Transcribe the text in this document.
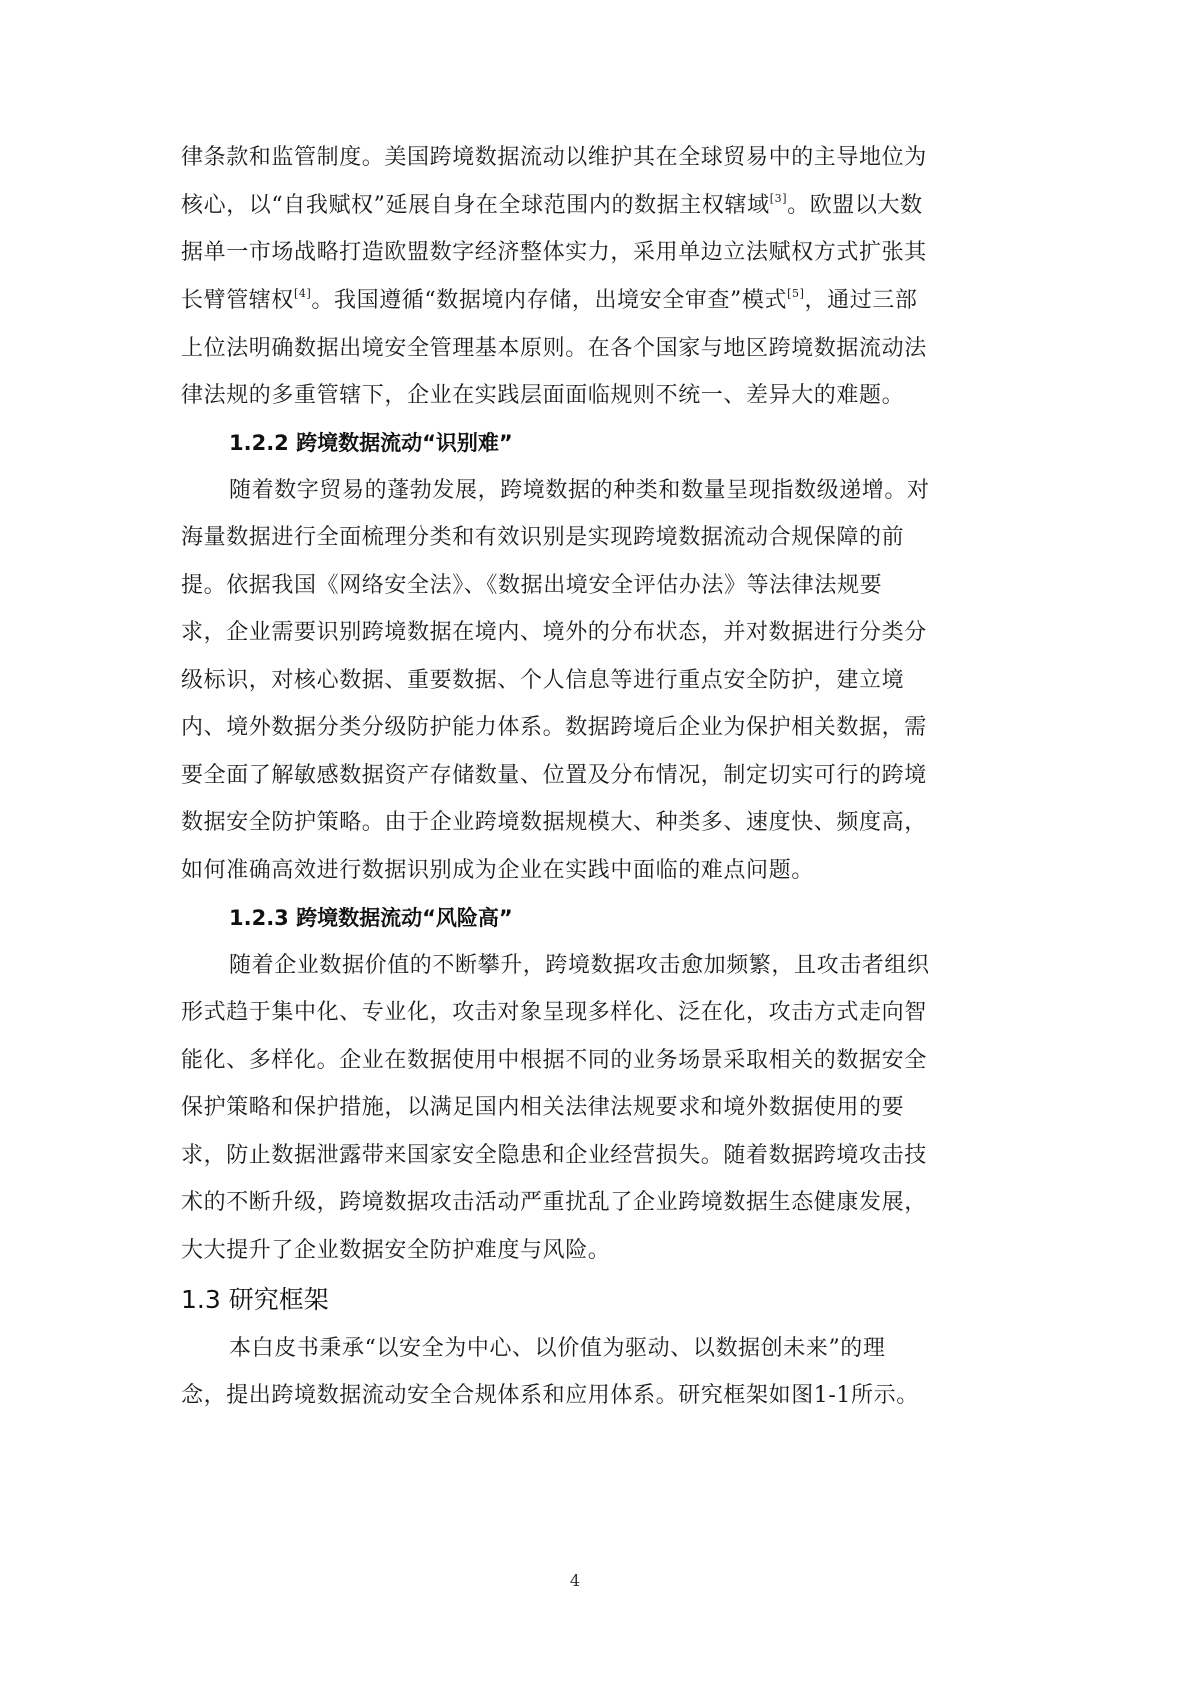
律条款和监管制度。美国跨境数据流动以维护其在全球贸易中的主导地位为
核心，以“自我赋权”延展自身在全球范围内的数据主权辖域[3]。欧盟以大数
据单一市场战略打造欧盟数字经济整体实力，采用单边立法赋权方式扩张其
长臂管辖权[4]。我国遵循“数据境内存储，出境安全审查”模式[5]，通过三部
上位法明确数据出境安全管理基本原则。在各个国家与地区跨境数据流动法
律法规的多重管辖下，企业在实践层面面临规则不统一、差异大的难题。
1.2.2 跨境数据流动“识别难”
随着数字贸易的蓬勃发展，跨境数据的种类和数量呈现指数级递增。对
海量数据进行全面梳理分类和有效识别是实现跨境数据流动合规保障的前
提。依据我国《网络安全法》、《数据出境安全评估办法》等法律法规要
求，企业需要识别跨境数据在境内、境外的分布状态，并对数据进行分类分
级标识，对核心数据、重要数据、个人信息等进行重点安全防护，建立境
内、境外数据分类分级防护能力体系。数据跨境后企业为保护相关数据，需
要全面了解敏感数据资产存储数量、位置及分布情况，制定切实可行的跨境
数据安全防护策略。由于企业跨境数据规模大、种类多、速度快、频度高，
如何准确高效进行数据识别成为企业在实践中面临的难点问题。
1.2.3 跨境数据流动“风险高”
随着企业数据价值的不断攀升，跨境数据攻击愈加频繁，且攻击者组织
形式趋于集中化、专业化，攻击对象呈现多样化、泛在化，攻击方式走向智
能化、多样化。企业在数据使用中根据不同的业务场景采取相关的数据安全
保护策略和保护措施，以满足国内相关法律法规要求和境外数据使用的要
求，防止数据泄露带来国家安全隐患和企业经营损失。随着数据跨境攻击技
术的不断升级，跨境数据攻击活动严重扰乱了企业跨境数据生态健康发展，
大大提升了企业数据安全防护难度与风险。
1.3 研究框架
本白皮书秉承“以安全为中心、以价值为驱动、以数据创未来”的理
念，提出跨境数据流动安全合规体系和应用体系。研究框架如图1-1所示。
4
